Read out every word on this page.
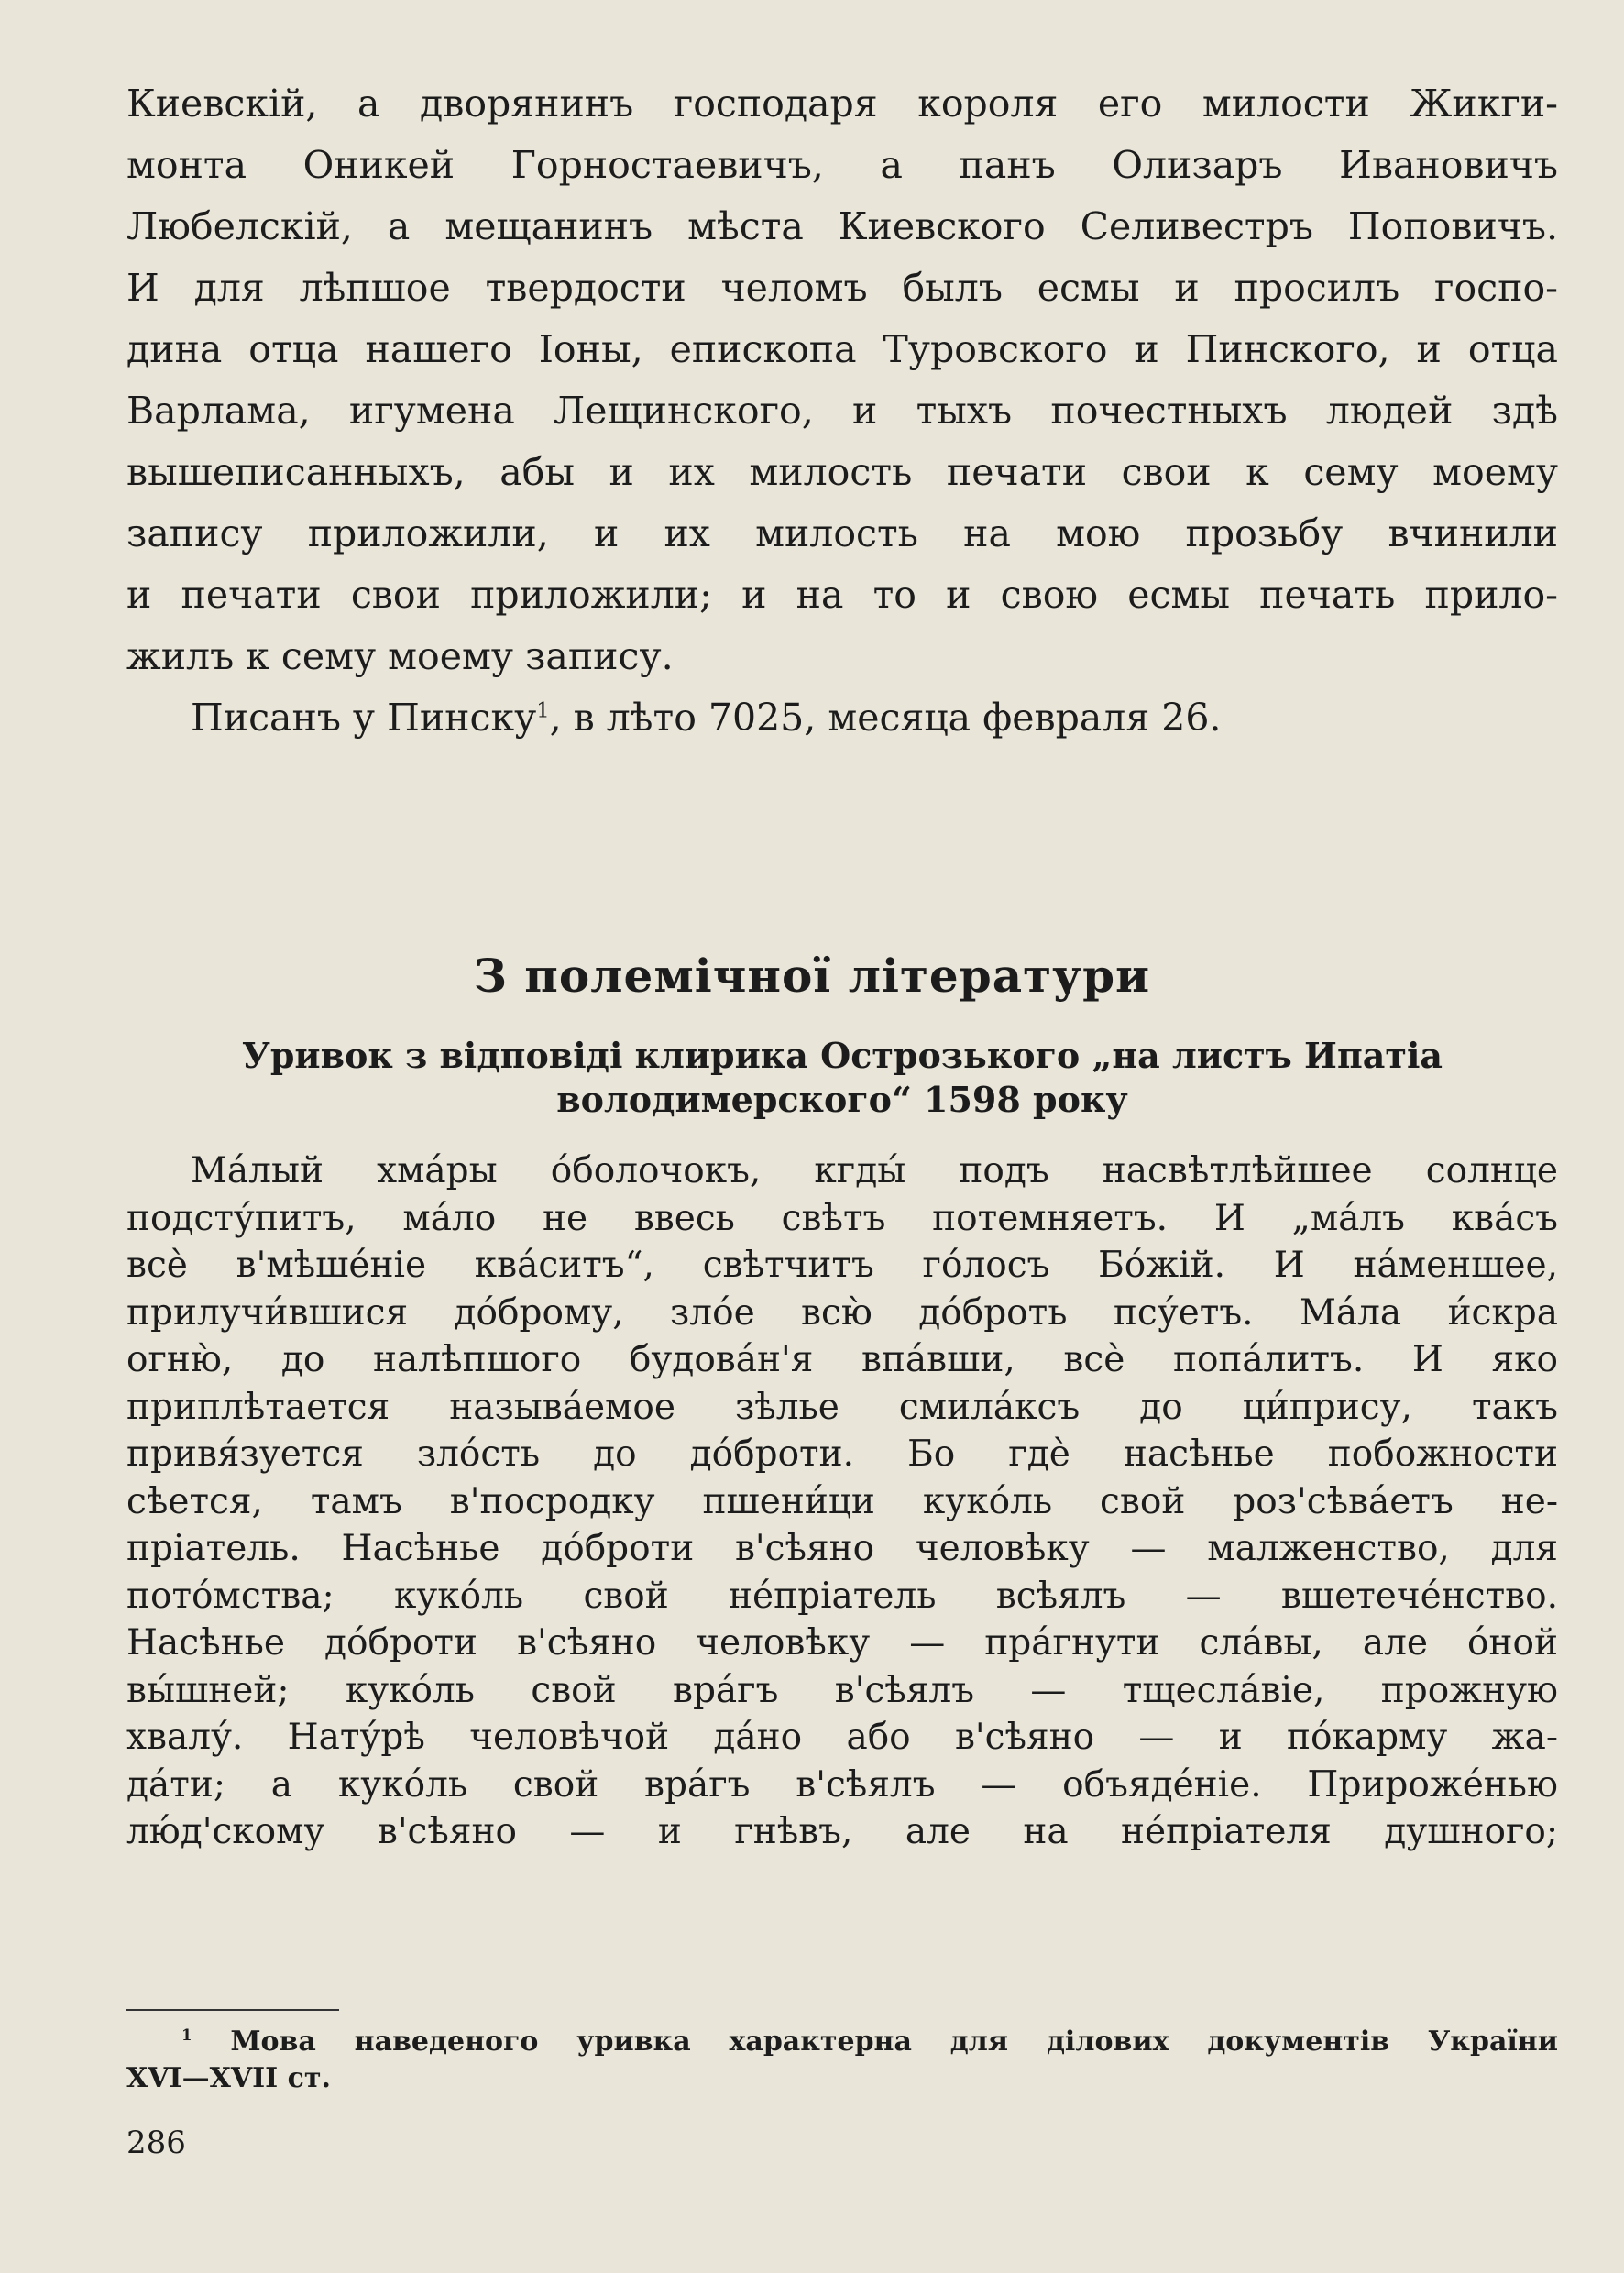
Киевскій, а дворянинъ господаря короля его милости Жикги-
монта Оникей Горностаевичъ, а панъ Олизаръ Ивановичъ
Любелскій, а мещанинъ мѣста Киевского Селивестръ Поповичъ.
И для лѣпшое твердости челомъ былъ есмы и просилъ госпо-
дина отца нашего Іоны, епископа Туровского и Пинского, и отца
Варлама, игумена Лещинского, и тыхъ почестныхъ людей здѣ
вышеписанныхъ, абы и их милость печати свои к сему моему
запису приложили, и их милость на мою прозьбу вчинили
и печати свои приложили; и на то и свою есмы печать прило-
жилъ к сему моему запису.

Писанъ у Пинску$^1$, в лѣто 7025, месяца февраля 26.

З полемічної літератури
Уривок з відповіді клирика Острозького „на листъ Ипатіа
володимерского“ 1598 року
Ма́лый хма́ры о́болочокъ, кгды́ подъ насвѣтлѣйшее солнце
подсту́питъ, ма́ло не ввесь свѣтъ потемняетъ. И „ма́лъ ква́съ
всѐ в'мѣше́ніе ква́ситъ“, свѣтчитъ го́лосъ Бо́жій. И на́меншее,
прилучи́вшися до́брому, зло́е всю̀ до́броть псу́етъ. Ма́ла и́скра
огню̀, до налѣпшого будова́н'я впа́вши, всѐ попа́литъ. И яко
приплѣтается называ́емое зѣлье смила́ксъ до ци́прису, такъ
привя́зуется зло́сть до до́броти. Бо гдѐ насѣнье побожности
сѣется, тамъ в'посродку пшени́ци куко́ль свой роз'сѣва́етъ не-
пріатель. Насѣнье до́броти в'сѣяно человѣку — малженство, для
пото́мства; куко́ль свой не́пріатель всѣялъ — вшетече́нство.
Насѣнье до́броти в'сѣяно человѣку — пра́гнути сла́вы, але о́ной
вы́шней; куко́ль свой вра́гъ в'сѣялъ — тщесла́віе, прожную
хвалу́. Нату́рѣ человѣчой да́но або в'сѣяно — и по́карму жа-
да́ти; а куко́ль свой вра́гъ в'сѣялъ — объяде́ніе. Прироже́нью
лю́д'скому в'сѣяно — и гнѣвъ, але на не́пріателя душного;
$^1$ Мова наведеного уривка характерна для ділових документів України
XVI—XVII ст.
286
